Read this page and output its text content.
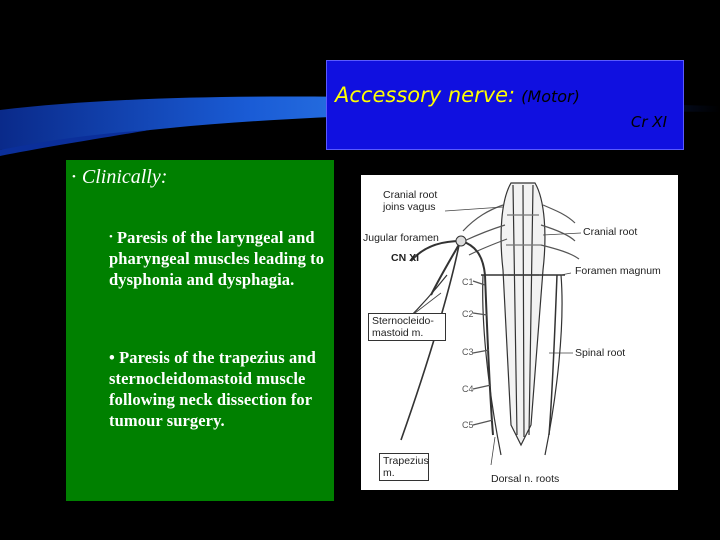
Accessory nerve: (Motor)
Cr XI
• Clinically:
• Paresis of the laryngeal and pharyngeal muscles leading to dysphonia and dysphagia.
• Paresis of the trapezius and sternocleidomastoid muscle following neck dissection for tumour surgery.
Cranial root joins vagus
Jugular foramen
CN XI
Cranial root
Foramen magnum
C1
C2
C3
C4
C5
Sternocleido-mastoid m.
Spinal root
Trapezius m.	Dorsal n. roots
